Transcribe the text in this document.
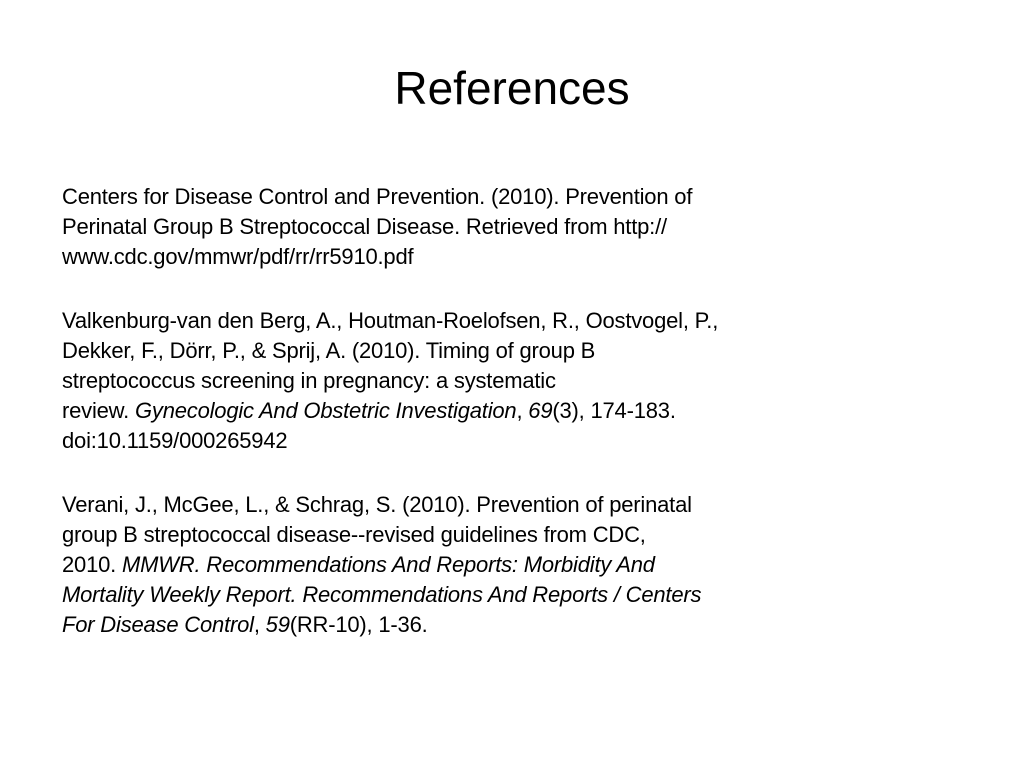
References
Centers for Disease Control and Prevention. (2010). Prevention of
Perinatal Group B Streptococcal Disease. Retrieved from http://
www.cdc.gov/mmwr/pdf/rr/rr5910.pdf
Valkenburg-van den Berg, A., Houtman-Roelofsen, R., Oostvogel, P.,
Dekker, F., Dörr, P., & Sprij, A. (2010). Timing of group B
streptococcus screening in pregnancy: a systematic
review. Gynecologic And Obstetric Investigation, 69(3), 174-183.
doi:10.1159/000265942
Verani, J., McGee, L., & Schrag, S. (2010). Prevention of perinatal
group B streptococcal disease--revised guidelines from CDC,
2010. MMWR. Recommendations And Reports: Morbidity And
Mortality Weekly Report. Recommendations And Reports / Centers
For Disease Control, 59(RR-10), 1-36.
